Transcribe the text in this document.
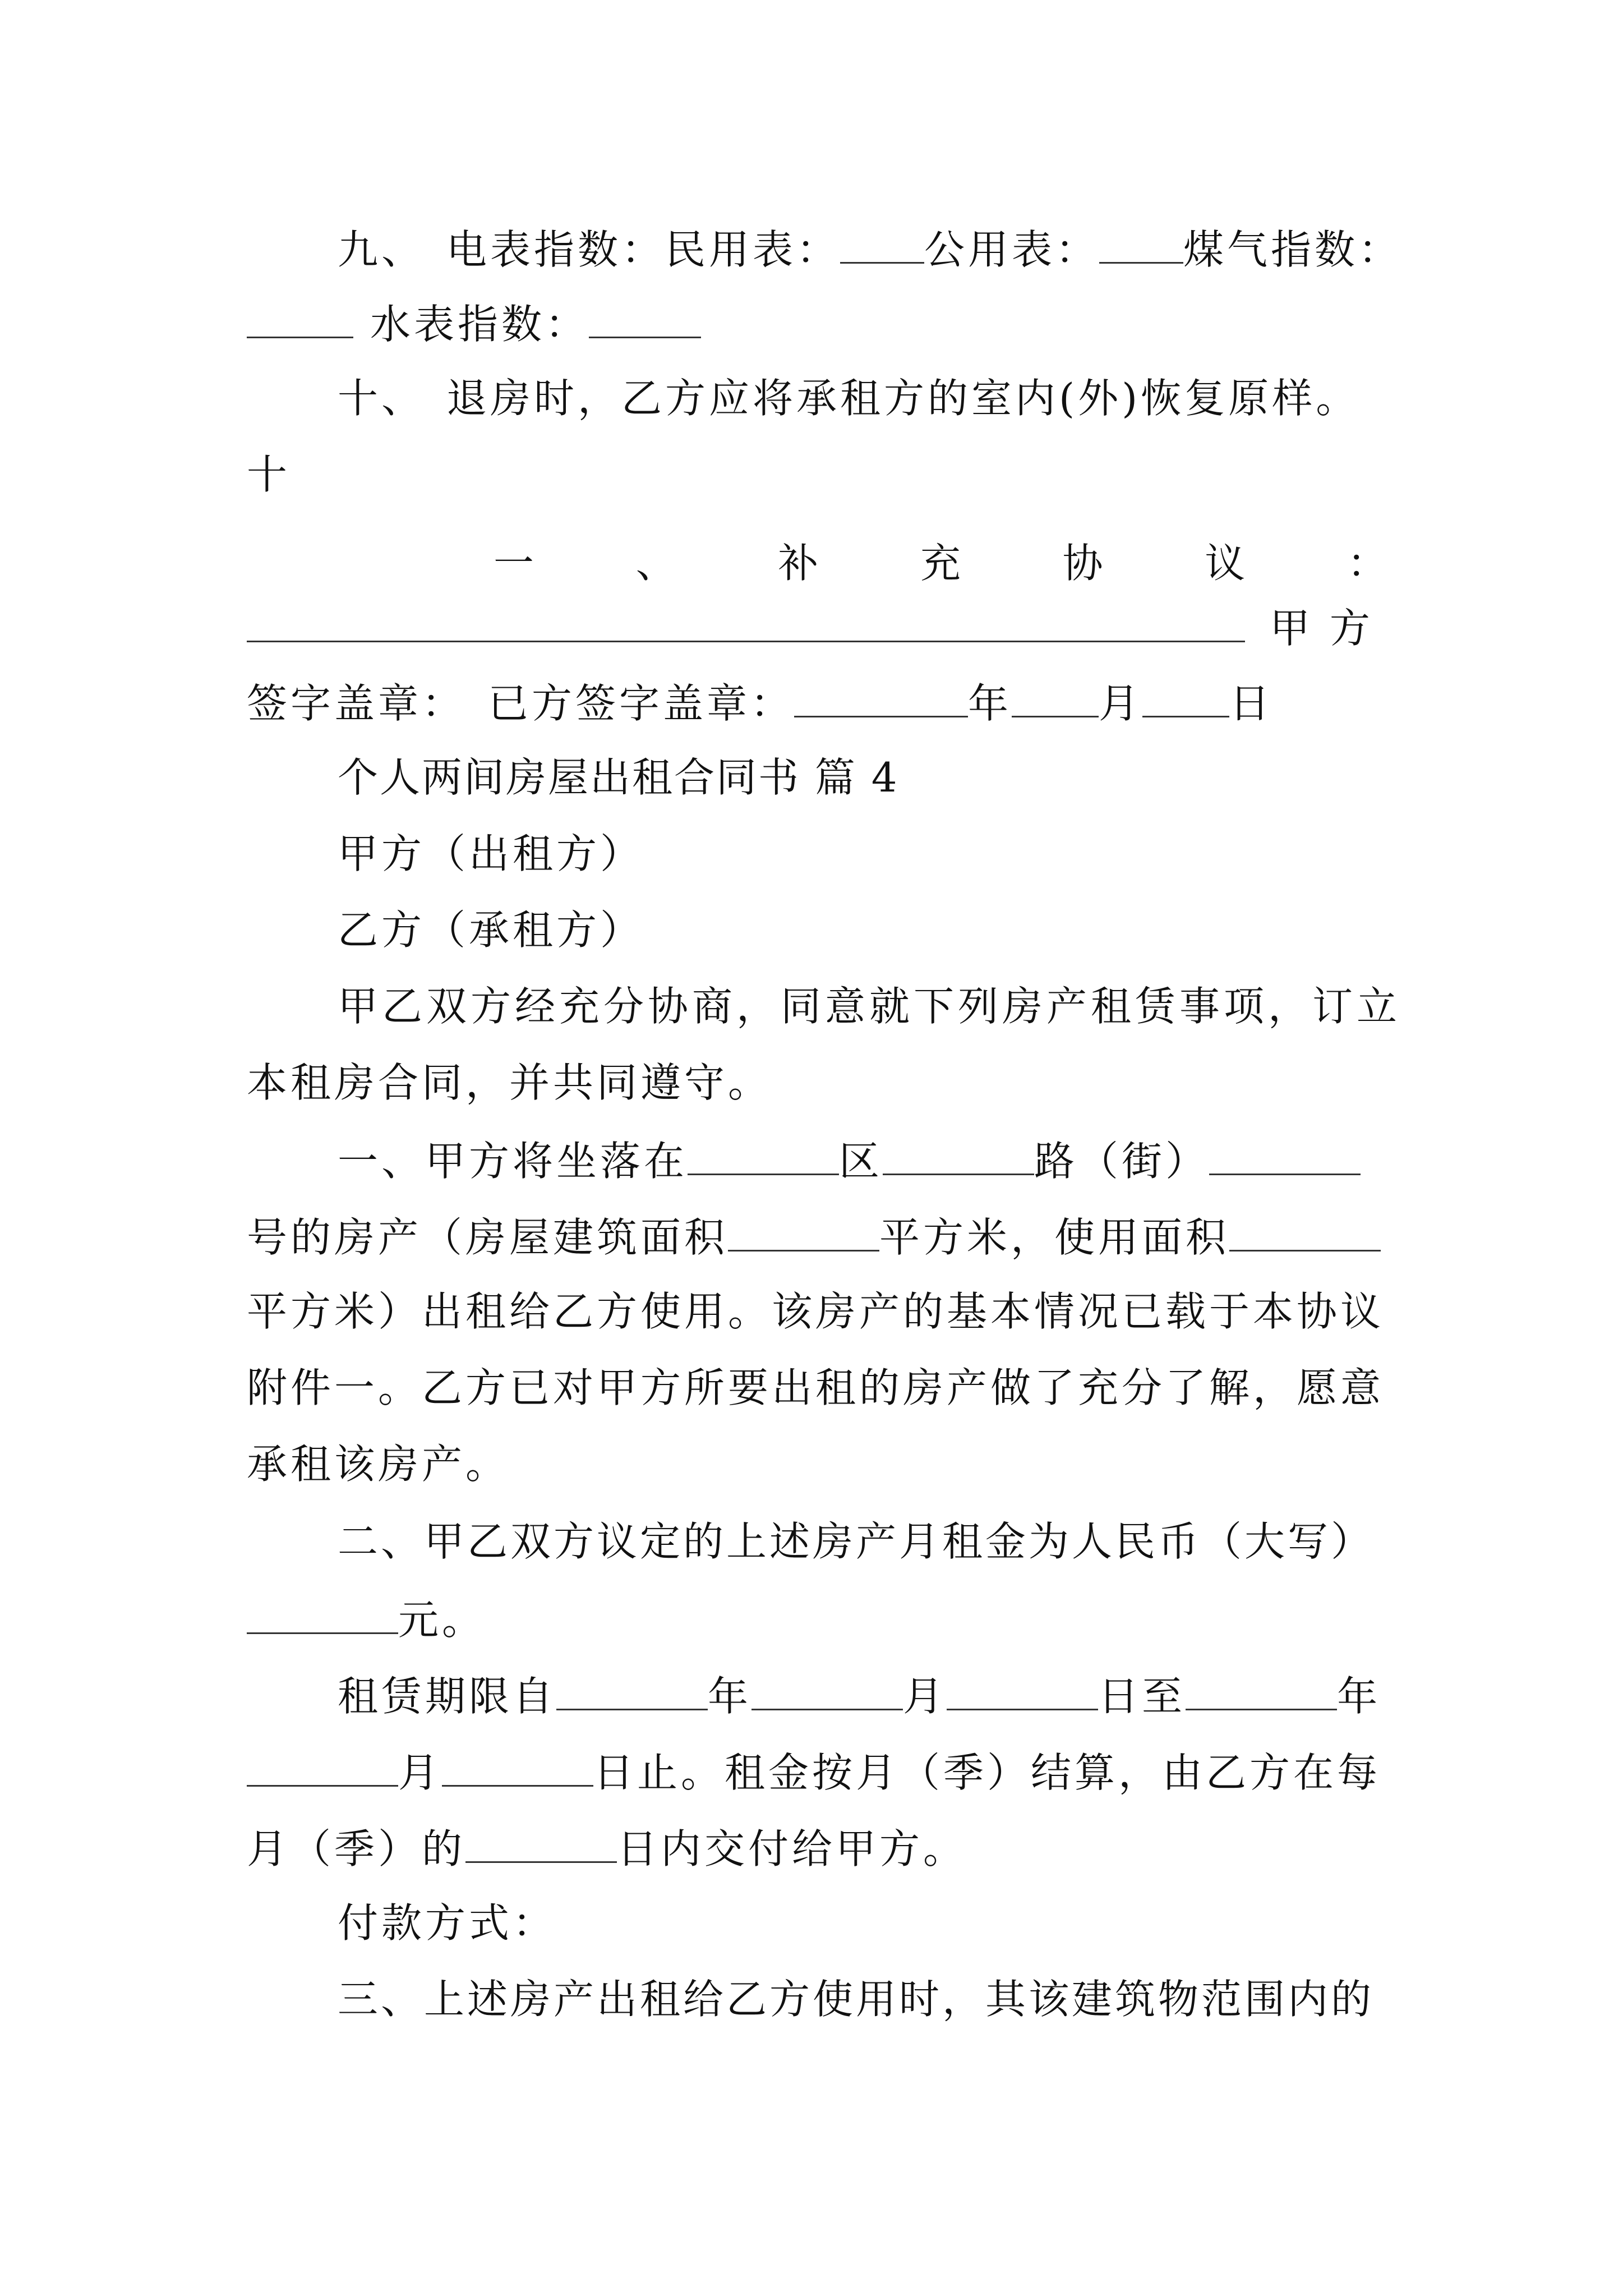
九、 电表指数：民用表： 公用表： 煤气指数：
水表指数：
十、 退房时，乙方应将承租方的室内(外)恢复原样。
十
一 、 补 充 协 议 ：
甲 方
签字盖章： 已方签字盖章：	年 月 日
个人两间房屋出租合同书 篇 4
甲方（出租方）
乙方（承租方）
甲乙双方经充分协商，同意就下列房产租赁事项，订立
本租房合同，并共同遵守。
一、甲方将坐落在	区	路（街）
号的房产（房屋建筑面积	平方米，使用面积
平方米）出租给乙方使用。该房产的基本情况已载于本协议
附件一。乙方已对甲方所要出租的房产做了充分了解，愿意
承租该房产。
二、甲乙双方议定的上述房产月租金为人民币（大写）
元。
租赁期限自	年	月	日至	年
月	日止。租金按月（季）结算，由乙方在每
月（季）的	日内交付给甲方。
付款方式：
三、上述房产出租给乙方使用时，其该建筑物范围内的
